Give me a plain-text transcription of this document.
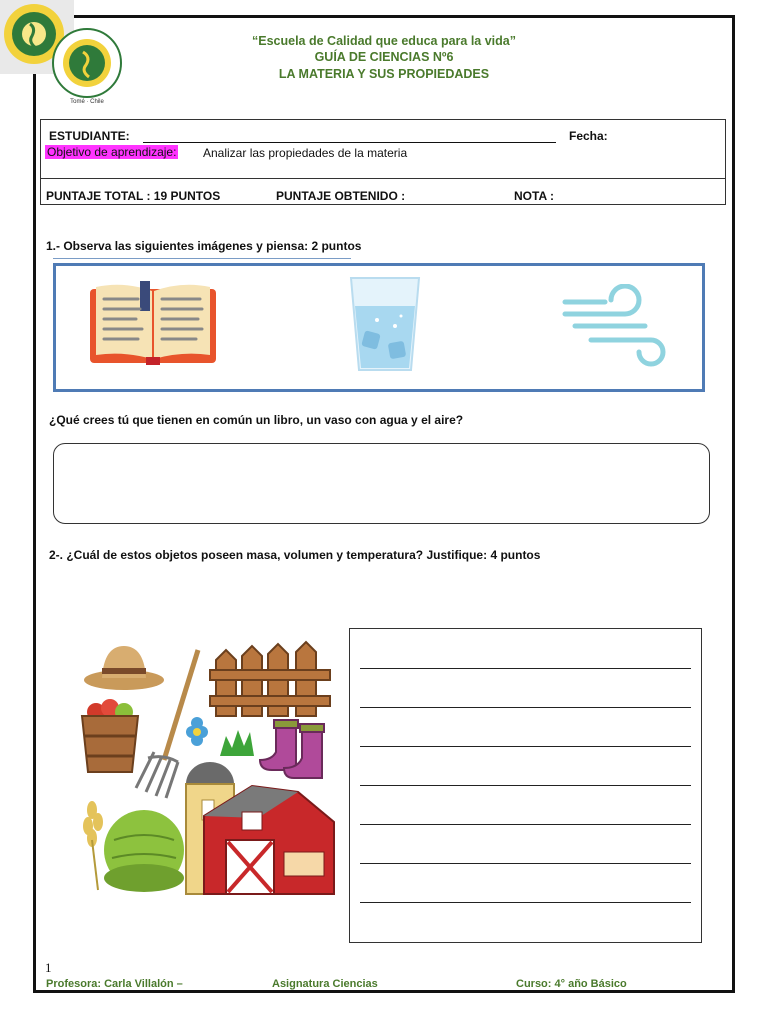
Tomé · Chile
“Escuela de Calidad que educa para la vida”
GUÍA DE CIENCIAS Nº6
LA MATERIA Y SUS PROPIEDADES
ESTUDIANTE:	Fecha:
Objetivo de aprendizaje: Analizar las propiedades de la materia
PUNTAJE TOTAL : 19 PUNTOS	PUNTAJE OBTENIDO :	NOTA :
1.- Observa las siguientes imágenes y piensa: 2 puntos
¿Qué crees tú que tienen en común un libro, un vaso con agua y el aire?
2-. ¿Cuál de estos objetos poseen masa, volumen y temperatura? Justifique: 4 puntos
1
Profesora: Carla Villalón –	Asignatura Ciencias	Curso: 4° año Básico
